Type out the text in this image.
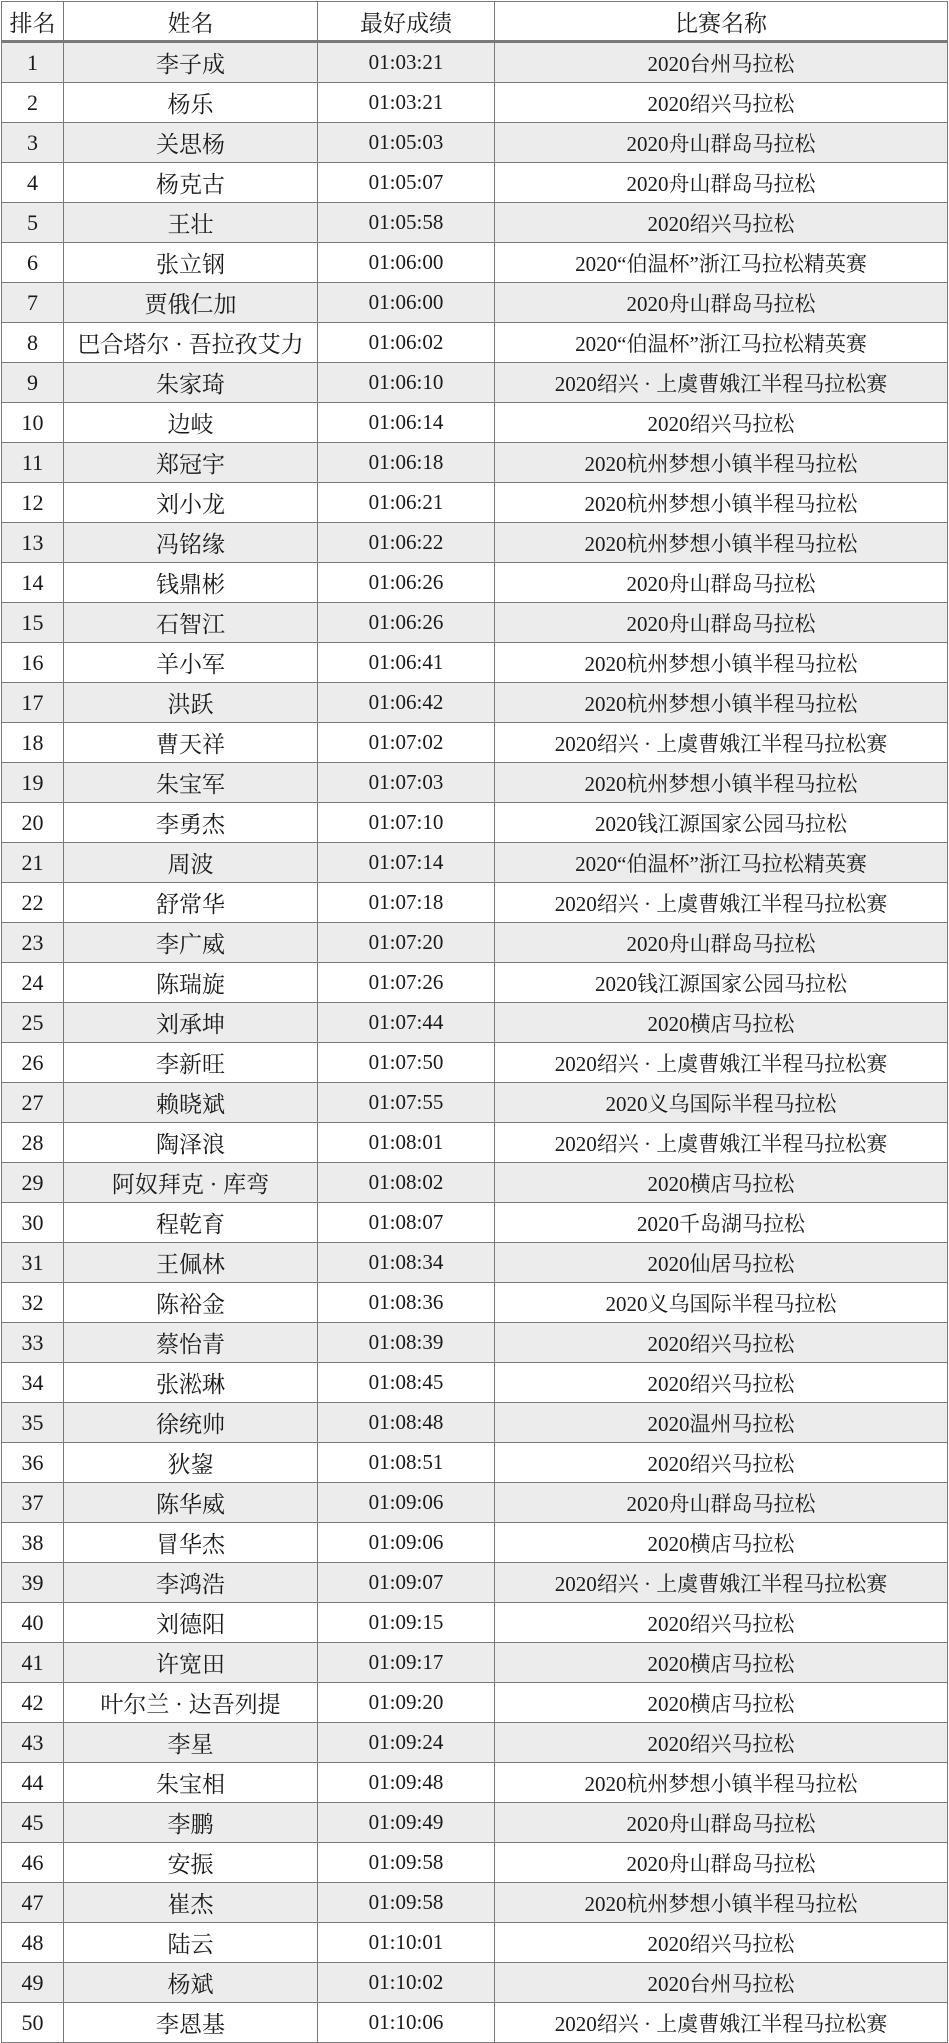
排名	姓名	最好成绩	比赛名称
1	李子成	01:03:21	2020台州马拉松
2	杨乐	01:03:21	2020绍兴马拉松
3	关思杨	01:05:03	2020舟山群岛马拉松
4	杨克古	01:05:07	2020舟山群岛马拉松
5	王壮	01:05:58	2020绍兴马拉松
6	张立钢	01:06:00	2020“伯温杯”浙江马拉松精英赛
7	贾俄仁加	01:06:00	2020舟山群岛马拉松
8	巴合塔尔 · 吾拉孜艾力	01:06:02	2020“伯温杯”浙江马拉松精英赛
9	朱家琦	01:06:10	2020绍兴 · 上虞曹娥江半程马拉松赛
10	边岐	01:06:14	2020绍兴马拉松
11	郑冠宇	01:06:18	2020杭州梦想小镇半程马拉松
12	刘小龙	01:06:21	2020杭州梦想小镇半程马拉松
13	冯铭缘	01:06:22	2020杭州梦想小镇半程马拉松
14	钱鼎彬	01:06:26	2020舟山群岛马拉松
15	石智江	01:06:26	2020舟山群岛马拉松
16	羊小军	01:06:41	2020杭州梦想小镇半程马拉松
17	洪跃	01:06:42	2020杭州梦想小镇半程马拉松
18	曹天祥	01:07:02	2020绍兴 · 上虞曹娥江半程马拉松赛
19	朱宝军	01:07:03	2020杭州梦想小镇半程马拉松
20	李勇杰	01:07:10	2020钱江源国家公园马拉松
21	周波	01:07:14	2020“伯温杯”浙江马拉松精英赛
22	舒常华	01:07:18	2020绍兴 · 上虞曹娥江半程马拉松赛
23	李广威	01:07:20	2020舟山群岛马拉松
24	陈瑞旋	01:07:26	2020钱江源国家公园马拉松
25	刘承坤	01:07:44	2020横店马拉松
26	李新旺	01:07:50	2020绍兴 · 上虞曹娥江半程马拉松赛
27	赖晓斌	01:07:55	2020义乌国际半程马拉松
28	陶泽浪	01:08:01	2020绍兴 · 上虞曹娥江半程马拉松赛
29	阿奴拜克 · 库弯	01:08:02	2020横店马拉松
30	程乾育	01:08:07	2020千岛湖马拉松
31	王佩林	01:08:34	2020仙居马拉松
32	陈裕金	01:08:36	2020义乌国际半程马拉松
33	蔡怡青	01:08:39	2020绍兴马拉松
34	张淞琳	01:08:45	2020绍兴马拉松
35	徐统帅	01:08:48	2020温州马拉松
36	狄鋆	01:08:51	2020绍兴马拉松
37	陈华威	01:09:06	2020舟山群岛马拉松
38	冒华杰	01:09:06	2020横店马拉松
39	李鸿浩	01:09:07	2020绍兴 · 上虞曹娥江半程马拉松赛
40	刘德阳	01:09:15	2020绍兴马拉松
41	许宽田	01:09:17	2020横店马拉松
42	叶尔兰 · 达吾列提	01:09:20	2020横店马拉松
43	李星	01:09:24	2020绍兴马拉松
44	朱宝相	01:09:48	2020杭州梦想小镇半程马拉松
45	李鹏	01:09:49	2020舟山群岛马拉松
46	安振	01:09:58	2020舟山群岛马拉松
47	崔杰	01:09:58	2020杭州梦想小镇半程马拉松
48	陆云	01:10:01	2020绍兴马拉松
49	杨斌	01:10:02	2020台州马拉松
50	李恩基	01:10:06	2020绍兴 · 上虞曹娥江半程马拉松赛
